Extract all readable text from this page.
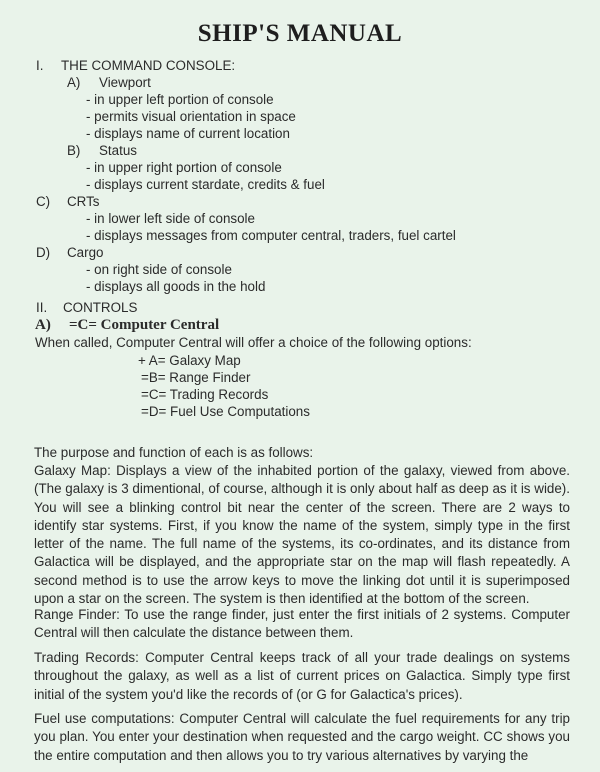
SHIP'S MANUAL
I. THE COMMAND CONSOLE:
A) Viewport
- in upper left portion of console
- permits visual orientation in space
- displays name of current location
B) Status
- in upper right portion of console
- displays current stardate, credits & fuel
C) CRTs
- in lower left side of console
- displays messages from computer central, traders, fuel cartel
D) Cargo
- on right side of console
- displays all goods in the hold
II. CONTROLS
A) =C= Computer Central
When called, Computer Central will offer a choice of the following options:
+ A= Galaxy Map
=B= Range Finder
=C= Trading Records
=D= Fuel Use Computations

The purpose and function of each is as follows:

Galaxy Map: Displays a view of the inhabited portion of the galaxy, viewed from above. (The galaxy is 3 dimentional, of course, although it is only about half as deep as it is wide). You will see a blinking control bit near the center of the screen. There are 2 ways to identify star systems. First, if you know the name of the system, simply type in the first letter of the name. The full name of the systems, its co-ordinates, and its distance from Galactica will be displayed, and the appropriate star on the map will flash repeatedly. A second method is to use the arrow keys to move the linking dot until it is superimposed upon a star on the screen. The system is then identified at the bottom of the screen.

Range Finder: To use the range finder, just enter the first initials of 2 systems. Computer Central will then calculate the distance between them.

Trading Records: Computer Central keeps track of all your trade dealings on systems throughout the galaxy, as well as a list of current prices on Galactica. Simply type first initial of the system you'd like the records of (or G for Galactica's prices).

Fuel use computations: Computer Central will calculate the fuel requirements for any trip you plan. You enter your destination when requested and the cargo weight. CC shows you the entire computation and then allows you to try various alternatives by varying the
